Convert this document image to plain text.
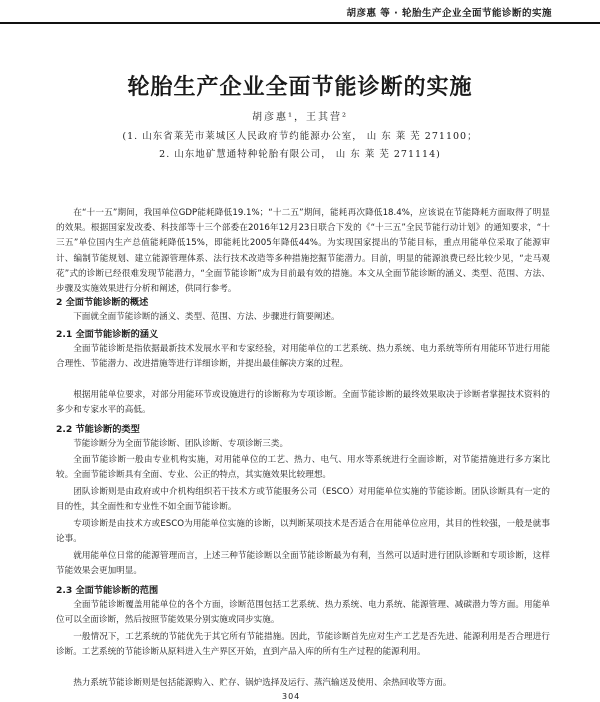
胡彦惠 等 · 轮胎生产企业全面节能诊断的实施
轮胎生产企业全面节能诊断的实施
胡彦惠¹，王其营²
(1. 山东省莱芜市莱城区人民政府节约能源办公室， 山 东 莱 芜 271100；
2. 山东地矿慧通特种轮胎有限公司， 山 东 莱 芜 271114)

在“十一五”期间，我国单位GDP能耗降低19.1%；“十二五”期间，能耗再次降低18.4%，应该说在节能降耗方面取得了明显的效果。根据国家发改委、科技部等十三个部委在2016年12月23日联合下发的《“十三五”全民节能行动计划》的通知要求，“十三五”单位国内生产总值能耗降低15%，即能耗比2005年降低44%。为实现国家提出的节能目标，重点用能单位采取了能源审计、编制节能规划、建立能源管理体系、法行技术改造等多种措施挖掘节能潜力。目前，明显的能源浪费已经比较少见，“走马观花”式的诊断已经很难发现节能潜力，“全面节能诊断”成为目前最有效的措施。本文从全面节能诊断的涵义、类型、范围、方法、步骤及实施效果进行分析和阐述，供同行参考。

2 全面节能诊断的概述

下面就全面节能诊断的涵义、类型、范围、方法、步骤进行简要阐述。

2.1 全面节能诊断的涵义

全面节能诊断是指依据最新技术发展水平和专家经验，对用能单位的工艺系统、热力系统、电力系统等所有用能环节进行用能合理性、节能潜力、改进措施等进行详细诊断，并提出最佳解决方案的过程。

根据用能单位要求，对部分用能环节或设施进行的诊断称为专项诊断。全面节能诊断的最终效果取决于诊断者掌握技术资料的多少和专家水平的高低。

2.2 节能诊断的类型

节能诊断分为全面节能诊断、团队诊断、专项诊断三类。

全面节能诊断一般由专业机构实施，对用能单位的工艺、热力、电气、用水等系统进行全面诊断，对节能措施进行多方案比较。全面节能诊断具有全面、专业、公正的特点，其实施效果比较理想。

团队诊断则是由政府或中介机构组织若干技术方或节能服务公司（ESCO）对用能单位实施的节能诊断。团队诊断具有一定的目的性，其全面性和专业性不如全面节能诊断。

专项诊断是由技术方或ESCO为用能单位实施的诊断，以判断某项技术是否适合在用能单位应用，其目的性较强，一般是就事论事。

就用能单位日常的能源管理而言，上述三种节能诊断以全面节能诊断最为有利，当然可以适时进行团队诊断和专项诊断，这样节能效果会更加明显。

2.3 全面节能诊断的范围

全面节能诊断覆盖用能单位的各个方面，诊断范围包括工艺系统、热力系统、电力系统、能源管理、减碳潜力等方面。用能单位可以全面诊断，然后按照节能效果分别实施或同步实施。

一般情况下，工艺系统的节能优先于其它所有节能措施。因此，节能诊断首先应对生产工艺是否先进、能源利用是否合理进行诊断。工艺系统的节能诊断从原料进入生产界区开始，直到产品入库的所有生产过程的能源利用。

热力系统节能诊断则是包括能源购入、贮存、锅炉选择及运行、蒸汽输送及使用、余热回收等方面。

304
